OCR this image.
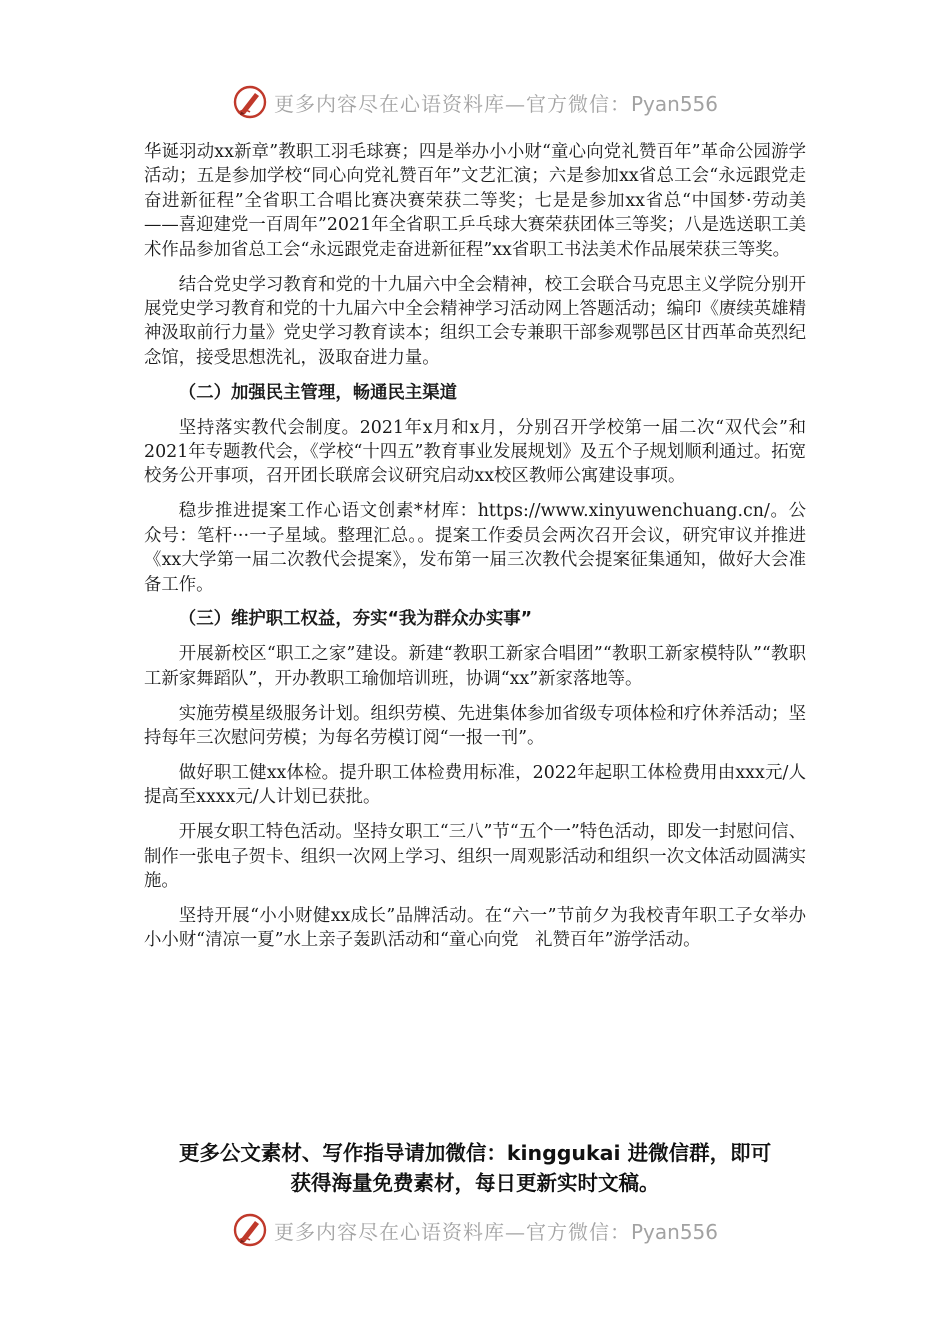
更多内容尽在心语资料库—官方微信：Pyan556

华诞羽动xx新章”教职工羽毛球赛；四是举办小小财“童心向党礼赞百年”革命公园游学活动；五是参加学校“同心向党礼赞百年”文艺汇演；六是参加xx省总工会“永远跟党走奋进新征程”全省职工合唱比赛决赛荣获二等奖；七是是参加xx省总“中国梦·劳动美——喜迎建党一百周年”2021年全省职工乒乓球大赛荣获团体三等奖；八是选送职工美术作品参加省总工会“永远跟党走奋进新征程”xx省职工书法美术作品展荣获三等奖。

结合党史学习教育和党的十九届六中全会精神，校工会联合马克思主义学院分别开展党史学习教育和党的十九届六中全会精神学习活动网上答题活动；编印《赓续英雄精神汲取前行力量》党史学习教育读本；组织工会专兼职干部参观鄂邑区甘西革命英烈纪念馆，接受思想洗礼，汲取奋进力量。

（二）加强民主管理，畅通民主渠道

坚持落实教代会制度。2021年x月和x月，分别召开学校第一届二次“双代会”和2021年专题教代会，《学校“十四五”教育事业发展规划》及五个子规划顺利通过。拓宽校务公开事项，召开团长联席会议研究启动xx校区教师公寓建设事项。

稳步推进提案工作心语文创素*材库：https://www.xinyuwenchuang.cn/。公众号：笔杆···一子星域。整理汇总。。提案工作委员会两次召开会议，研究审议并推进《xx大学第一届二次教代会提案》，发布第一届三次教代会提案征集通知，做好大会准备工作。

（三）维护职工权益，夯实“我为群众办实事”

开展新校区“职工之家”建设。新建“教职工新家合唱团”“教职工新家模特队”“教职工新家舞蹈队”，开办教职工瑜伽培训班，协调“xx”新家落地等。

实施劳模星级服务计划。组织劳模、先进集体参加省级专项体检和疗休养活动；坚持每年三次慰问劳模；为每名劳模订阅“一报一刊”。

做好职工健xx体检。提升职工体检费用标准，2022年起职工体检费用由xxx元/人提高至xxxx元/人计划已获批。

开展女职工特色活动。坚持女职工“三八”节“五个一”特色活动，即发一封慰问信、制作一张电子贺卡、组织一次网上学习、组织一周观影活动和组织一次文体活动圆满实施。

坚持开展“小小财健xx成长”品牌活动。在“六一”节前夕为我校青年职工子女举办小小财“清凉一夏”水上亲子轰趴活动和“童心向党   礼赞百年”游学活动。

更多公文素材、写作指导请加微信：kinggukai 进微信群，即可
获得海量免费素材，每日更新实时文稿。
更多内容尽在心语资料库—官方微信：Pyan556
